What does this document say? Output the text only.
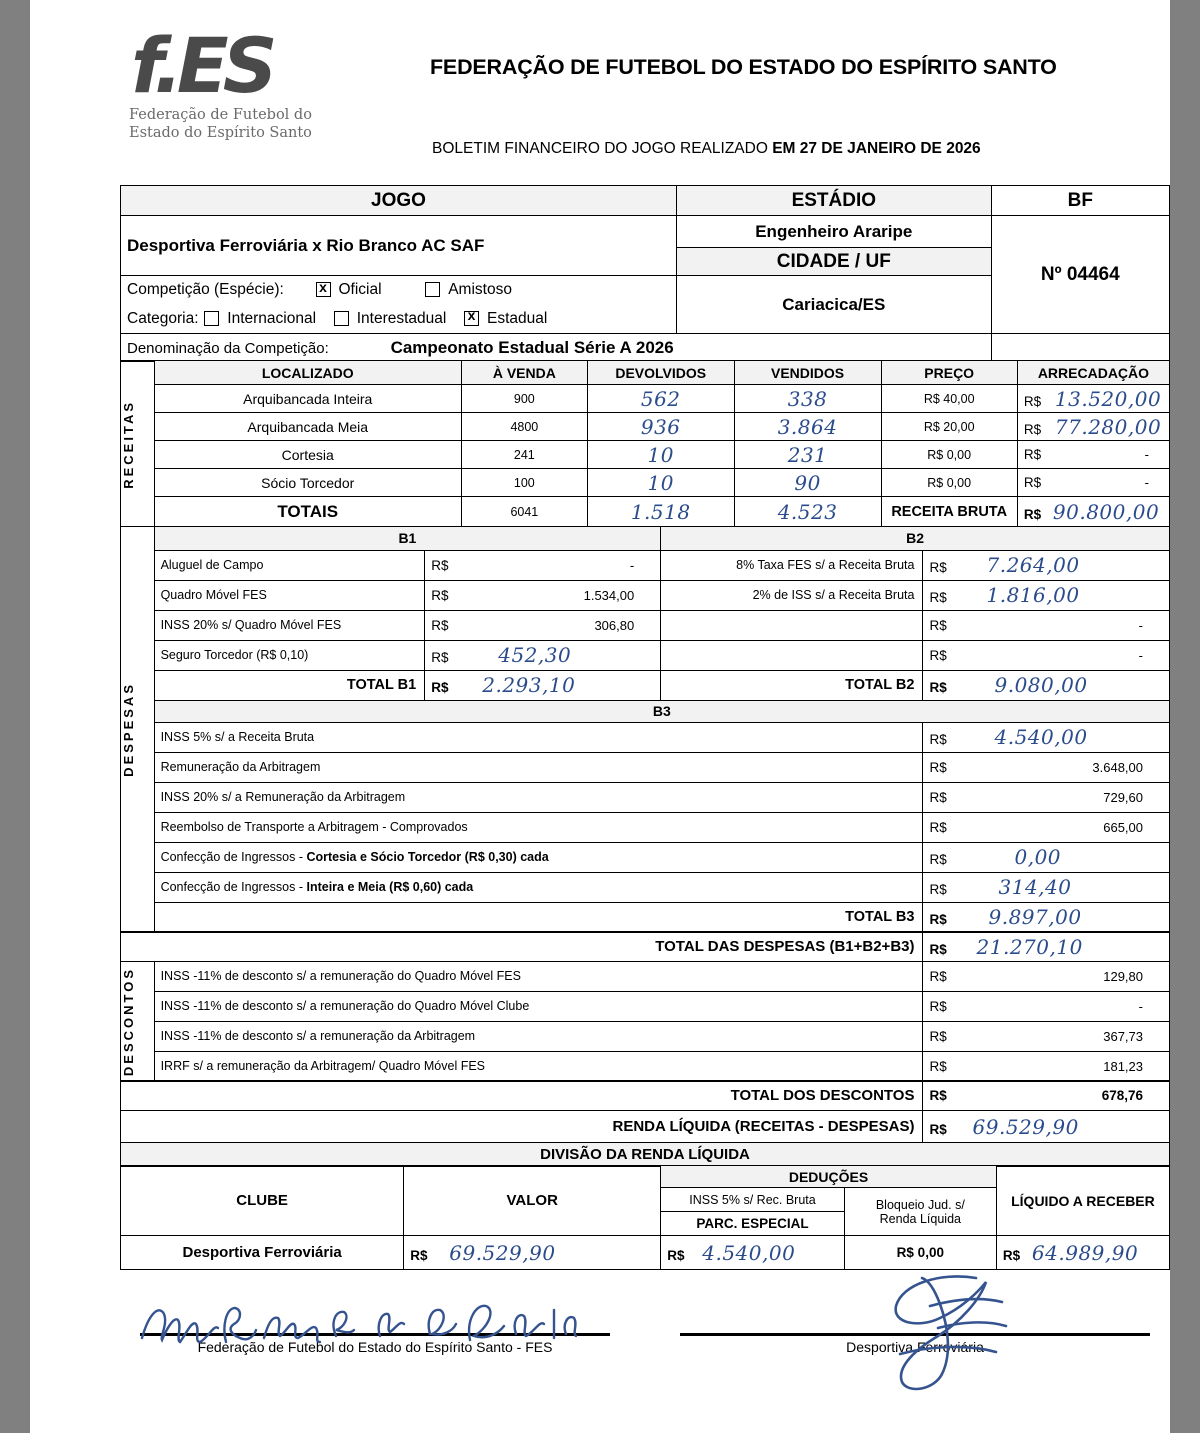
f.ES
Federação de Futebol do
Estado do Espírito Santo
FEDERAÇÃO DE FUTEBOL DO ESTADO DO ESPÍRITO SANTO
BOLETIM FINANCEIRO DO JOGO REALIZADO EM 27 DE JANEIRO DE 2026
JOGO	ESTÁDIO	BF
Desportiva Ferroviária x Rio Branco AC SAF	Engenheiro Araripe	Nº 04464
	CIDADE / UF	
Competição (Espécie): x Oficial Amistoso	Cariacica/ES	
Categoria: Internacional Interestadual x Estadual
Denominação da Competição: Campeonato Estadual Série A 2026		
RECEITAS	LOCALIZADO	À VENDA	DEVOLVIDOS	VENDIDOS	PREÇO	ARRECADAÇÃO
	Arquibancada Inteira	900	562	338	R$ 40,00	R$ 13.520,00
	Arquibancada Meia	4800	936	3.864	R$ 20,00	R$ 77.280,00
	Cortesia	241	10	231	R$ 0,00	R$ -

	Sócio Torcedor	100	10	90	R$ 0,00	R$ -

	TOTAIS	6041	1.518	4.523	RECEITA BRUTA	R$ 90.800,00
DESPESAS	B1		B2	
	Aluguel de Campo	R$ -	8% Taxa FES s/ a Receita Bruta	R$ 7.264,00
	Quadro Móvel FES	R$ 1.534,00	2% de ISS s/ a Receita Bruta	R$ 1.816,00
	INSS 20% s/ Quadro Móvel FES	R$ 306,80		R$ -

	Seguro Torcedor (R$ 0,10)	R$ 452,30		R$ -

	TOTAL B1	R$ 2.293,10	TOTAL B2	R$ 9.080,00
	B3			
	INSS 5% s/ a Receita Bruta			R$ 4.540,00
	Remuneração da Arbitragem			R$ 3.648,00

	INSS 20% s/ a Remuneração da Arbitragem			R$ 729,60

	Reembolso de Transporte a Arbitragem - Comprovados			R$ 665,00

	Confecção de Ingressos - Cortesia e Sócio Torcedor (R$ 0,30) cada			R$ 0,00
	Confecção de Ingressos - Inteira e Meia (R$ 0,60) cada			R$ 314,40
	TOTAL B3			R$ 9.897,00
TOTAL DAS DESPESAS (B1+B2+B3)	R$ 21.270,10
DESCONTOS	INSS -11% de desconto s/ a remuneração do Quadro Móvel FES	R$ 129,80

	INSS -11% de desconto s/ a remuneração do Quadro Móvel Clube	R$ -

	INSS -11% de desconto s/ a remuneração da Arbitragem	R$ 367,73

	IRRF s/ a remuneração da Arbitragem/ Quadro Móvel FES	R$ 181,23
TOTAL DOS DESCONTOS	R$ 678,76

RENDA LÍQUIDA (RECEITAS - DESPESAS)	R$ 69.529,90
DIVISÃO DA RENDA LÍQUIDA	
CLUBE	VALOR	DEDUÇÕES		LÍQUIDO A RECEBER
		INSS 5% s/ Rec. Bruta	Bloqueio Jud. s/
Renda Líquida	

		PARC. ESPECIAL		
Desportiva Ferroviária	R$ 69.529,90	R$ 4.540,00	R$ 0,00	R$ 64.989,90
Federação de Futebol do Estado do Espírito Santo - FES	Desportiva Ferroviária
